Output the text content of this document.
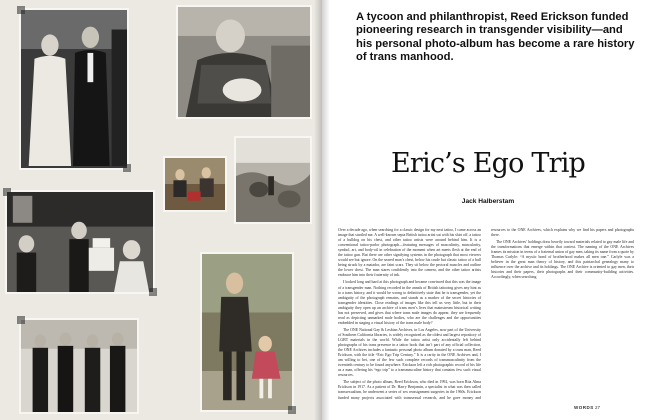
A tycoon and philanthropist, Reed Erickson funded pioneering research in transgender visibility—and his personal photo-album has become a rare history of trans manhood.

Eric’s Ego Trip
Jack Halberstam

Over a decade ago, when searching for a classic design for my next tattoo, I came across an image that startled me. A well-known sepia British tattoo artist sat with his shirt off, a tattoo of a bulldog on his chest, and other tattoo artists were around behind him. It is a conventional tattoo-parlor photograph—featuring messages of masculinity, muscularity, symbol, art, and body-oil in celebration of the moment when art meets flesh at the end of the tattoo gun. But there are other signifying systems in the photograph that most viewers would see but ignore. On the seared man’s chest, below his crude but classic tattoo of a bull being struck by a matador, are faint scars. They sit below the pectoral muscles and outline the lower chest. The man stares confidently into the camera, and the other tattoo artists embrace him into their fraternity of ink.

I looked long and hard at this photograph and became convinced that this was the image of a transgender man. Nothing recorded in the annals of British tattooing gives any hint as to a trans history, and it would be wrong to definitively state that he is transgender, yet the ambiguity of the photograph remains, and stands as a marker of the secret histories of transgender identities. Close readings of images like this tell us very little, but in their ambiguity they open up an archive of trans men’s lives that mainstream historical writing has not preserved, and gives that where trans male images do appear, they are frequently read as depicting unmarked male bodies, who are the challenges and the opportunities embedded in staging a visual history of the trans male body?

The ONE National Gay & Lesbian Archives, in Los Angeles, now part of the University of Southern California libraries, is widely recognized as the oldest and largest repository of LGBT materials in the world. While the tattoo artist only accidentally left behind photographs of his trans presence in a tattoo book that isn’t part of any official collection, the ONE Archives includes a fantastic personal photo album donated by a trans man, Reed Erickson, with the title “Eric Ego Trip Century.” It is a rarity in the ONE Archives and, I am willing to bet, one of the few such complete records of transmasculinity from the twentieth century to be found anywhere. Erickson left a rich photographic record of his life as a man, offering his “ego trip” to a transmasculine history that contains few such visual resources.

The subject of the photo album, Reed Erickson, who died in 1992, was born Rita Alma Erickson in 1917. As a patient of Dr. Harry Benjamin, a specialist in what was then called transsexualism, he underwent a series of sex reassignment surgeries in the 1960s. Erickson funded many projects associated with transsexual research, and he gave money and resources to the ONE Archives, which explains why we find his papers and photographs there.

The ONE Archives’ holdings draw heavily toward materials related to gay male life and the transformations that emerge within that context. The naming of the ONE Archives frames its mission in terms of a fraternal union of gay men, taking its name from a quote by Thomas Carlyle: “A mystic bond of brotherhood makes all men one.” Carlyle was a believer in the great man theory of history, and this patriarchal genealogy many to influence over the archive and its holdings. The ONE Archive is oriented to gay men, their histories and their papers, their photographs and their community-building activities. Accordingly, when searching

WORDS 27
